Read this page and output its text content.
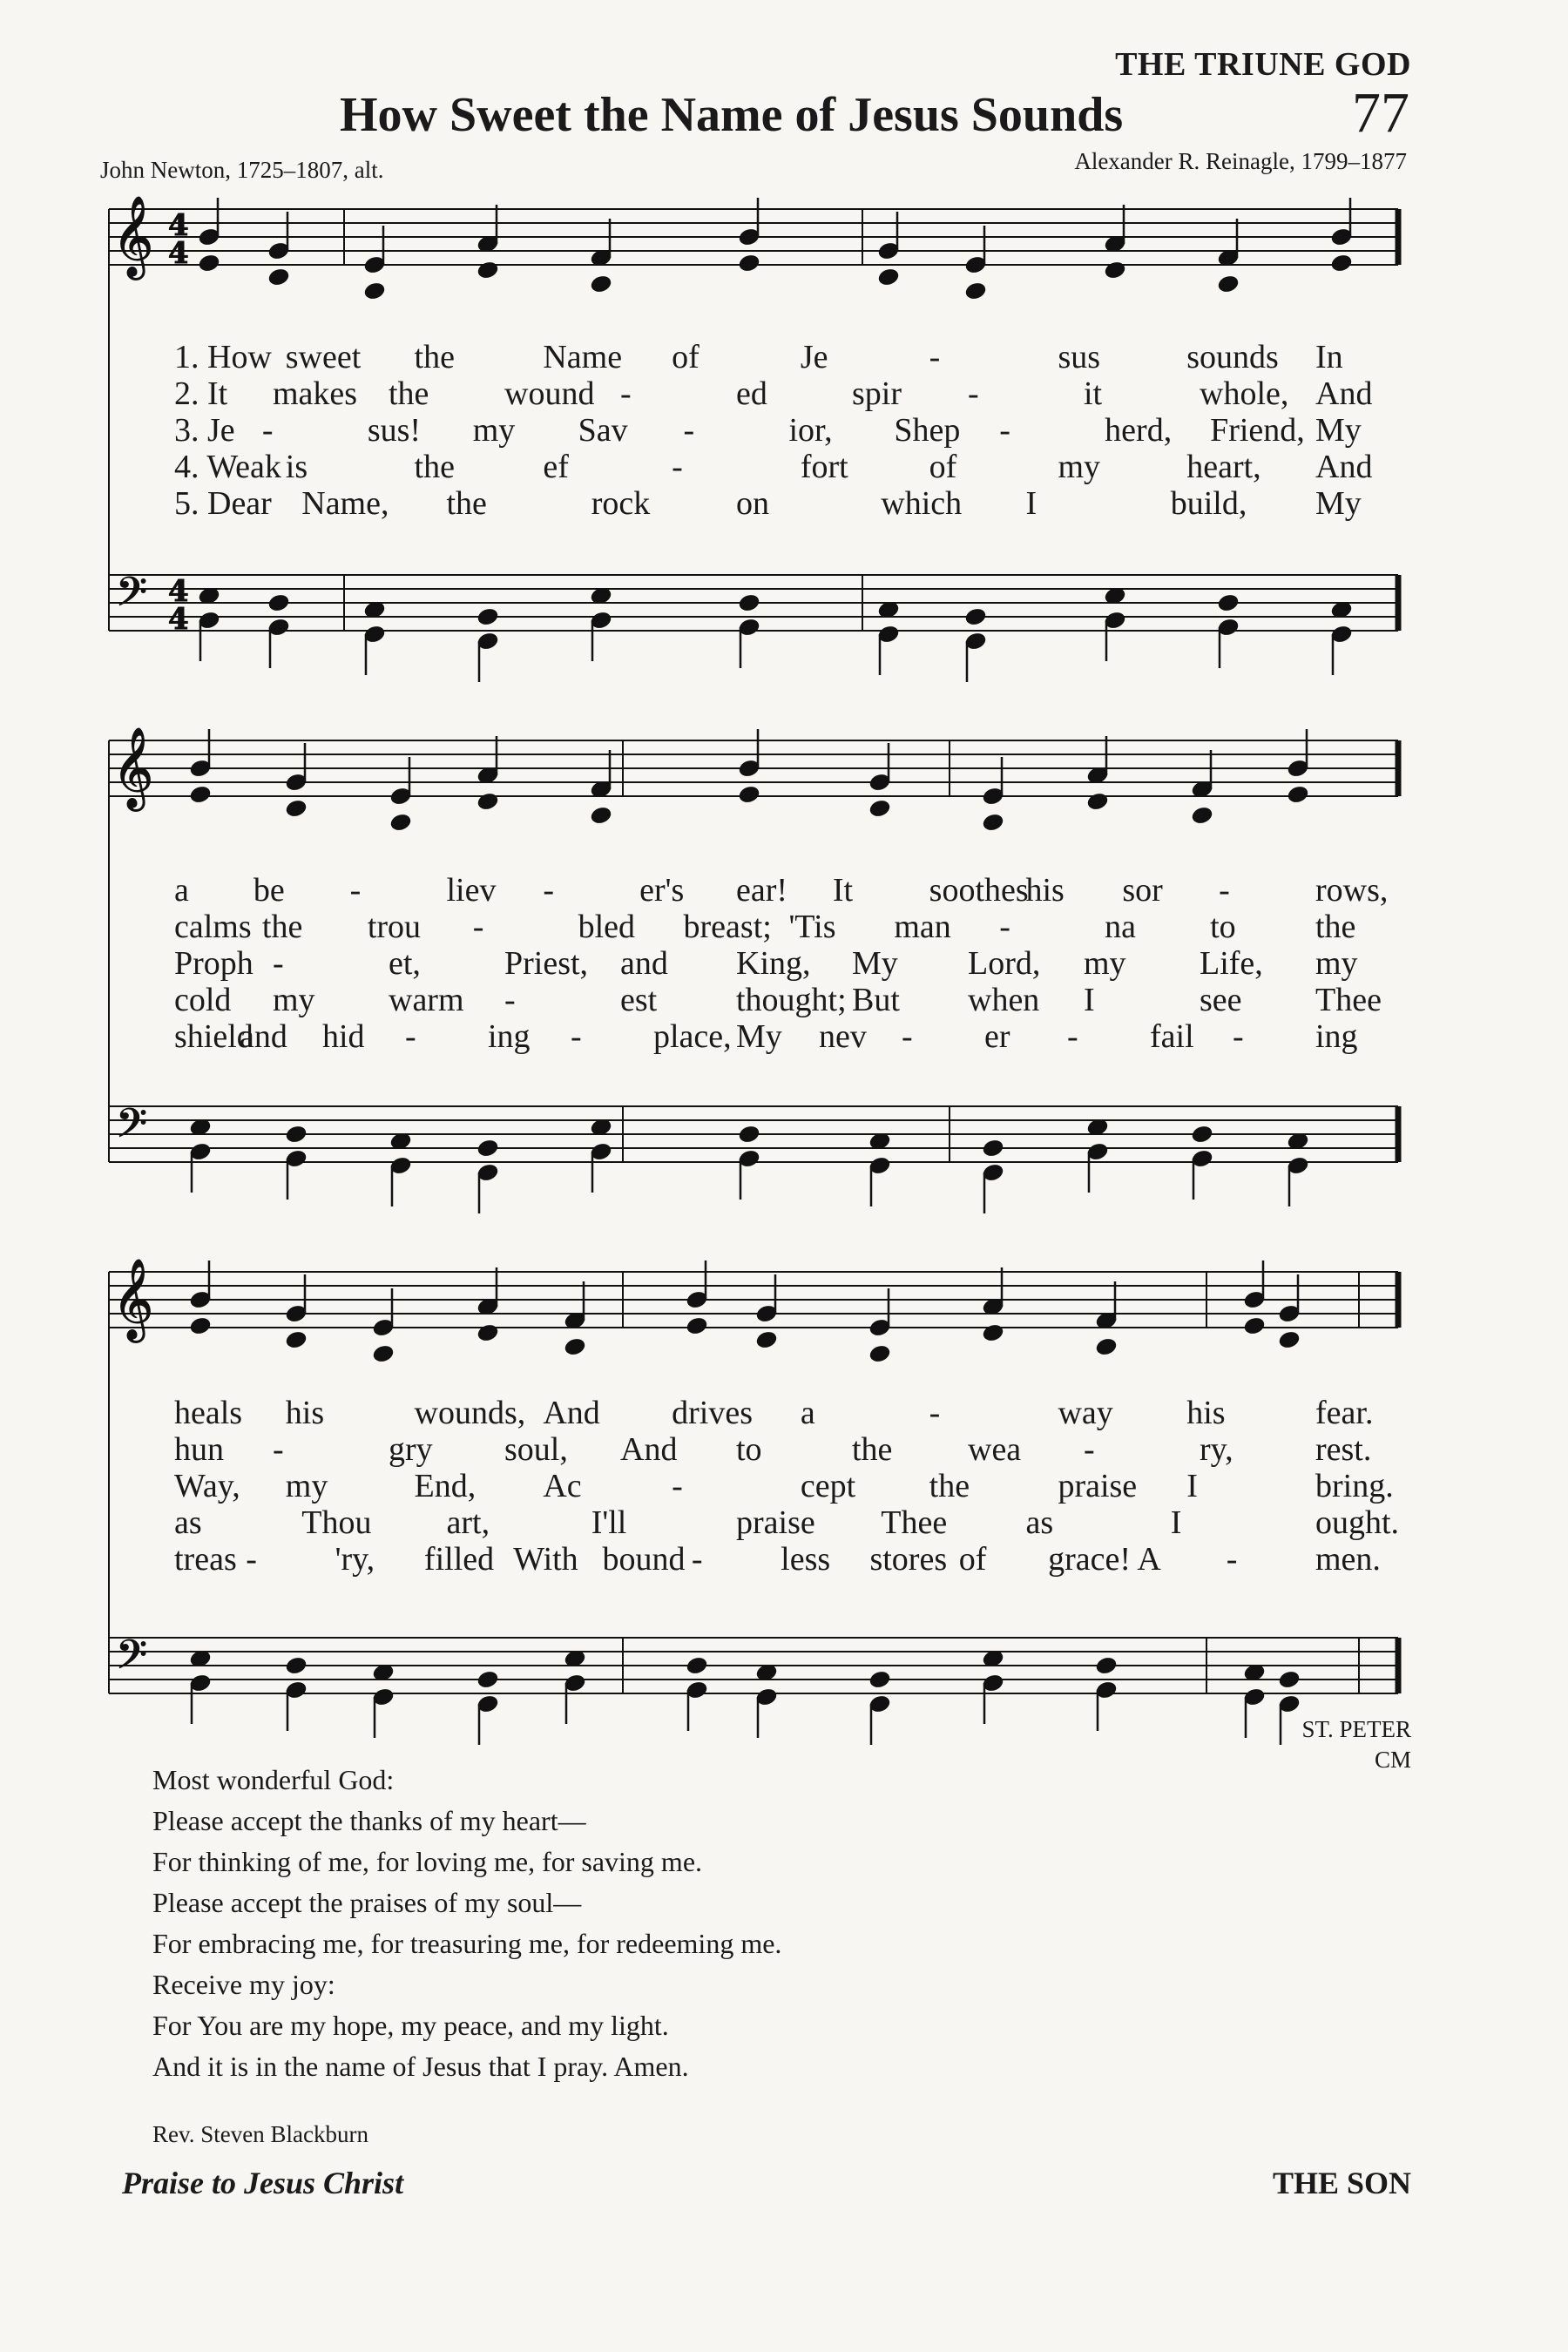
THE TRIUNE GOD
How Sweet the Name of Jesus Sounds	77
John Newton, 1725–1807, alt.	Alexander R. Reinagle, 1799–1877
𝄞
𝄢
𝄞
𝄢
𝄞
𝄢
4
4
4
4
1. How sweet the	Name of	Je	-	sus	sounds In
2. It makes the wound -	ed	spir -	it	whole, And
3. Je -	sus! my Sav -	ior, Shep -	herd, Friend, My
4. Weak is	the	ef	-	fort of	my	heart, And
5. Dear Name, the	rock	on	which I	build, My
a be -	liev -	er's ear! It soothes
his sor -	rows,
calms the trou -	bled breast; 'Tis man -	na to the
Proph -	et,	Priest, and King, My Lord, my Life, my
cold my warm -	est thought; But when I	see Thee
shield
and hid - ing - place, My nev - er - fail - ing
heals his	wounds, And drives a	-	way his	fear.
hun -	gry soul, And to	the wea -	ry, rest.
Way, my	End, Ac	-	cept the	praise I	bring.
as	Thou art,	I'll	praise Thee as	I	ought.
treas - 'ry, filled With bound - less stores of grace! A - men.
ST. PETER
CM
Most wonderful God:
Please accept the thanks of my heart—
For thinking of me, for loving me, for saving me.
Please accept the praises of my soul—
For embracing me, for treasuring me, for redeeming me.
Receive my joy:
For You are my hope, my peace, and my light.
And it is in the name of Jesus that I pray. Amen.
Rev. Steven Blackburn
Praise to Jesus Christ	THE SON
